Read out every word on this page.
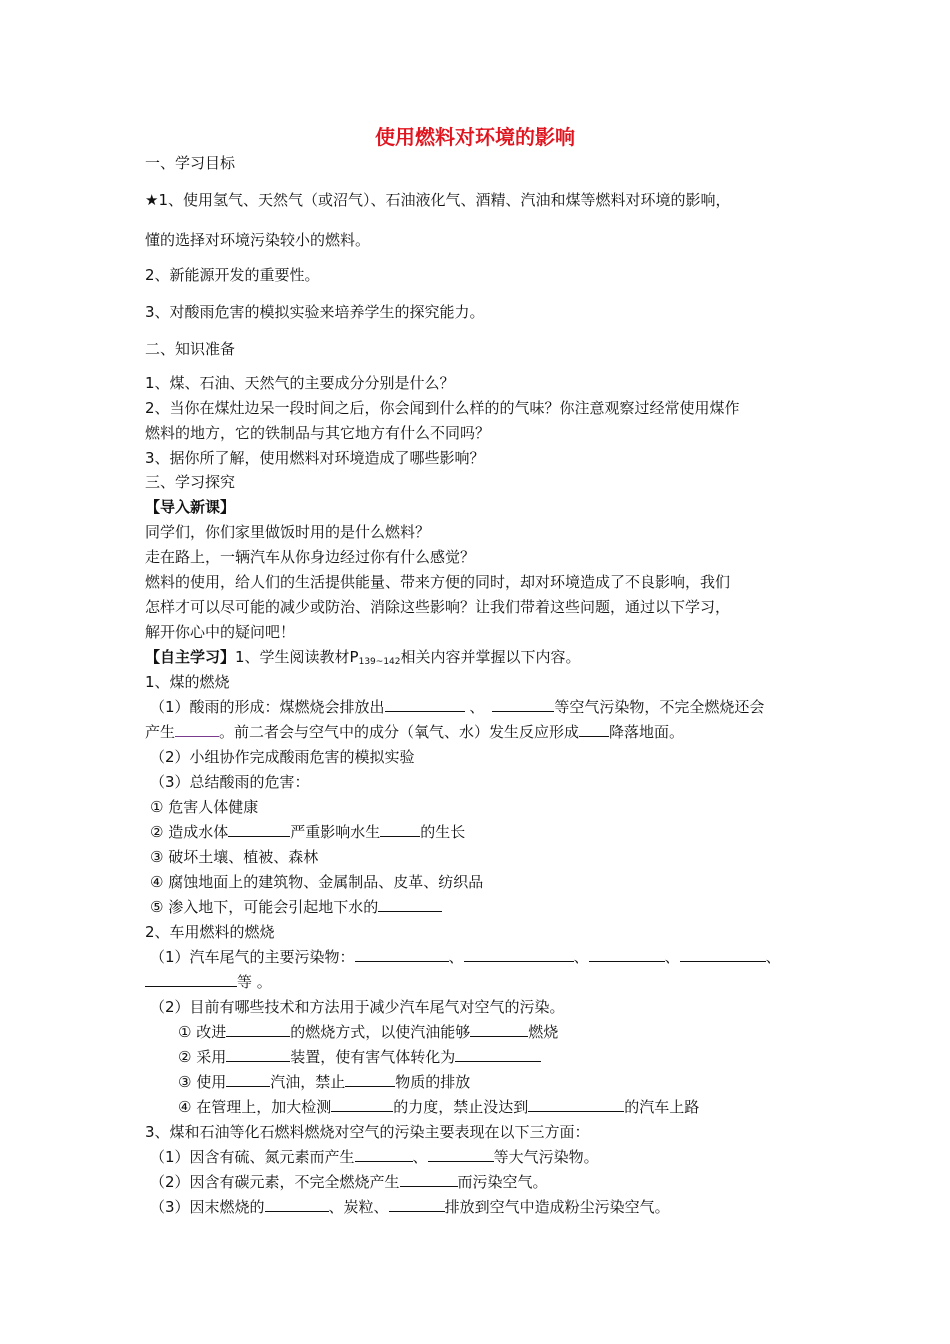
使用燃料对环境的影响
一、学习目标
★1、使用氢气、天然气（或沼气）、石油液化气、酒精、汽油和煤等燃料对环境的影响，
懂的选择对环境污染较小的燃料。
2、新能源开发的重要性。
3、对酸雨危害的模拟实验来培养学生的探究能力。
二、知识准备
1、煤、石油、天然气的主要成分分别是什么？
2、当你在煤灶边呆一段时间之后，你会闻到什么样的的气味？你注意观察过经常使用煤作
燃料的地方，它的铁制品与其它地方有什么不同吗？
3、据你所了解，使用燃料对环境造成了哪些影响？
三、学习探究
【导入新课】
同学们，你们家里做饭时用的是什么燃料？
走在路上，一辆汽车从你身边经过你有什么感觉？
燃料的使用，给人们的生活提供能量、带来方便的同时，却对环境造成了不良影响，我们
怎样才可以尽可能的减少或防治、消除这些影响？让我们带着这些问题，通过以下学习，
解开你心中的疑问吧！
【自主学习】1、学生阅读教材$P_{139\sim 142}$相关内容并掌握以下内容。
1、煤的燃烧
（1）酸雨的形成：煤燃烧会排放出	、	等空气污染物，不完全燃烧还会
产生	。前二者会与空气中的成分（氧气、水）发生反应形成 降落地面。
（2）小组协作完成酸雨危害的模拟实验
（3）总结酸雨的危害：
① 危害人体健康
② 造成水体	严重影响水生	的生长
③ 破坏土壤、植被、森林
④ 腐蚀地面上的建筑物、金属制品、皮革、纺织品
⑤ 渗入地下，可能会引起地下水的
2、车用燃料的燃烧
（1）汽车尾气的主要污染物：	、	、	、	、
等 。
（2）目前有哪些技术和方法用于减少汽车尾气对空气的污染。
① 改进	的燃烧方式，以使汽油能够	燃烧
② 采用	装置，使有害气体转化为
③ 使用	汽油，禁止	物质的排放
④ 在管理上，加大检测	的力度，禁止没达到	的汽车上路
3、煤和石油等化石燃料燃烧对空气的污染主要表现在以下三方面：
（1）因含有硫、氮元素而产生	、	等大气污染物。
（2）因含有碳元素，不完全燃烧产生	而污染空气。
（3）因末燃烧的	、炭粒、	排放到空气中造成粉尘污染空气。
